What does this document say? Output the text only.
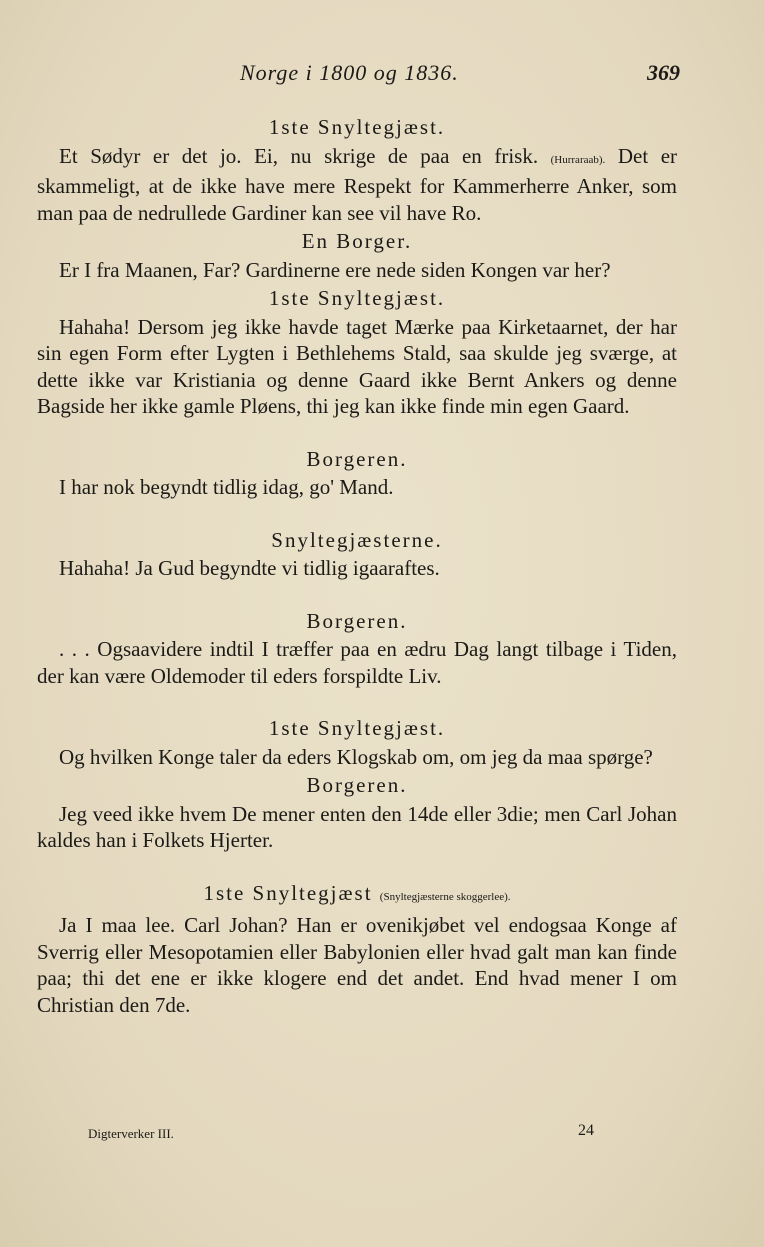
Norge i 1800 og 1836.	369
1ste Snyltegjæst.

Et Sødyr er det jo. Ei, nu skrige de paa en frisk. (Hurraraab). Det er skammeligt, at de ikke have mere Respekt for Kammerherre Anker, som man paa de nedrullede Gardiner kan see vil have Ro.

En Borger.

Er I fra Maanen, Far? Gardinerne ere nede siden Kongen var her?

1ste Snyltegjæst.

Hahaha! Dersom jeg ikke havde taget Mærke paa Kirketaarnet, der har sin egen Form efter Lygten i Bethlehems Stald, saa skulde jeg sværge, at dette ikke var Kristiania og denne Gaard ikke Bernt Ankers og denne Bagside her ikke gamle Pløens, thi jeg kan ikke finde min egen Gaard.

Borgeren.

I har nok begyndt tidlig idag, go' Mand.

Snyltegjæsterne.

Hahaha! Ja Gud begyndte vi tidlig igaaraftes.

Borgeren.

. . . Ogsaavidere indtil I træffer paa en ædru Dag langt tilbage i Tiden, der kan være Oldemoder til eders forspildte Liv.

1ste Snyltegjæst.

Og hvilken Konge taler da eders Klogskab om, om jeg da maa spørge?

Borgeren.

Jeg veed ikke hvem De mener enten den 14de eller 3die; men Carl Johan kaldes han i Folkets Hjerter.

1ste Snyltegjæst (Snyltegjæsterne skoggerlee).

Ja I maa lee. Carl Johan? Han er ovenikjøbet vel endogsaa Konge af Sverrig eller Mesopotamien eller Babylonien eller hvad galt man kan finde paa; thi det ene er ikke klogere end det andet. End hvad mener I om Christian den 7de.

Digterverker III.	24
